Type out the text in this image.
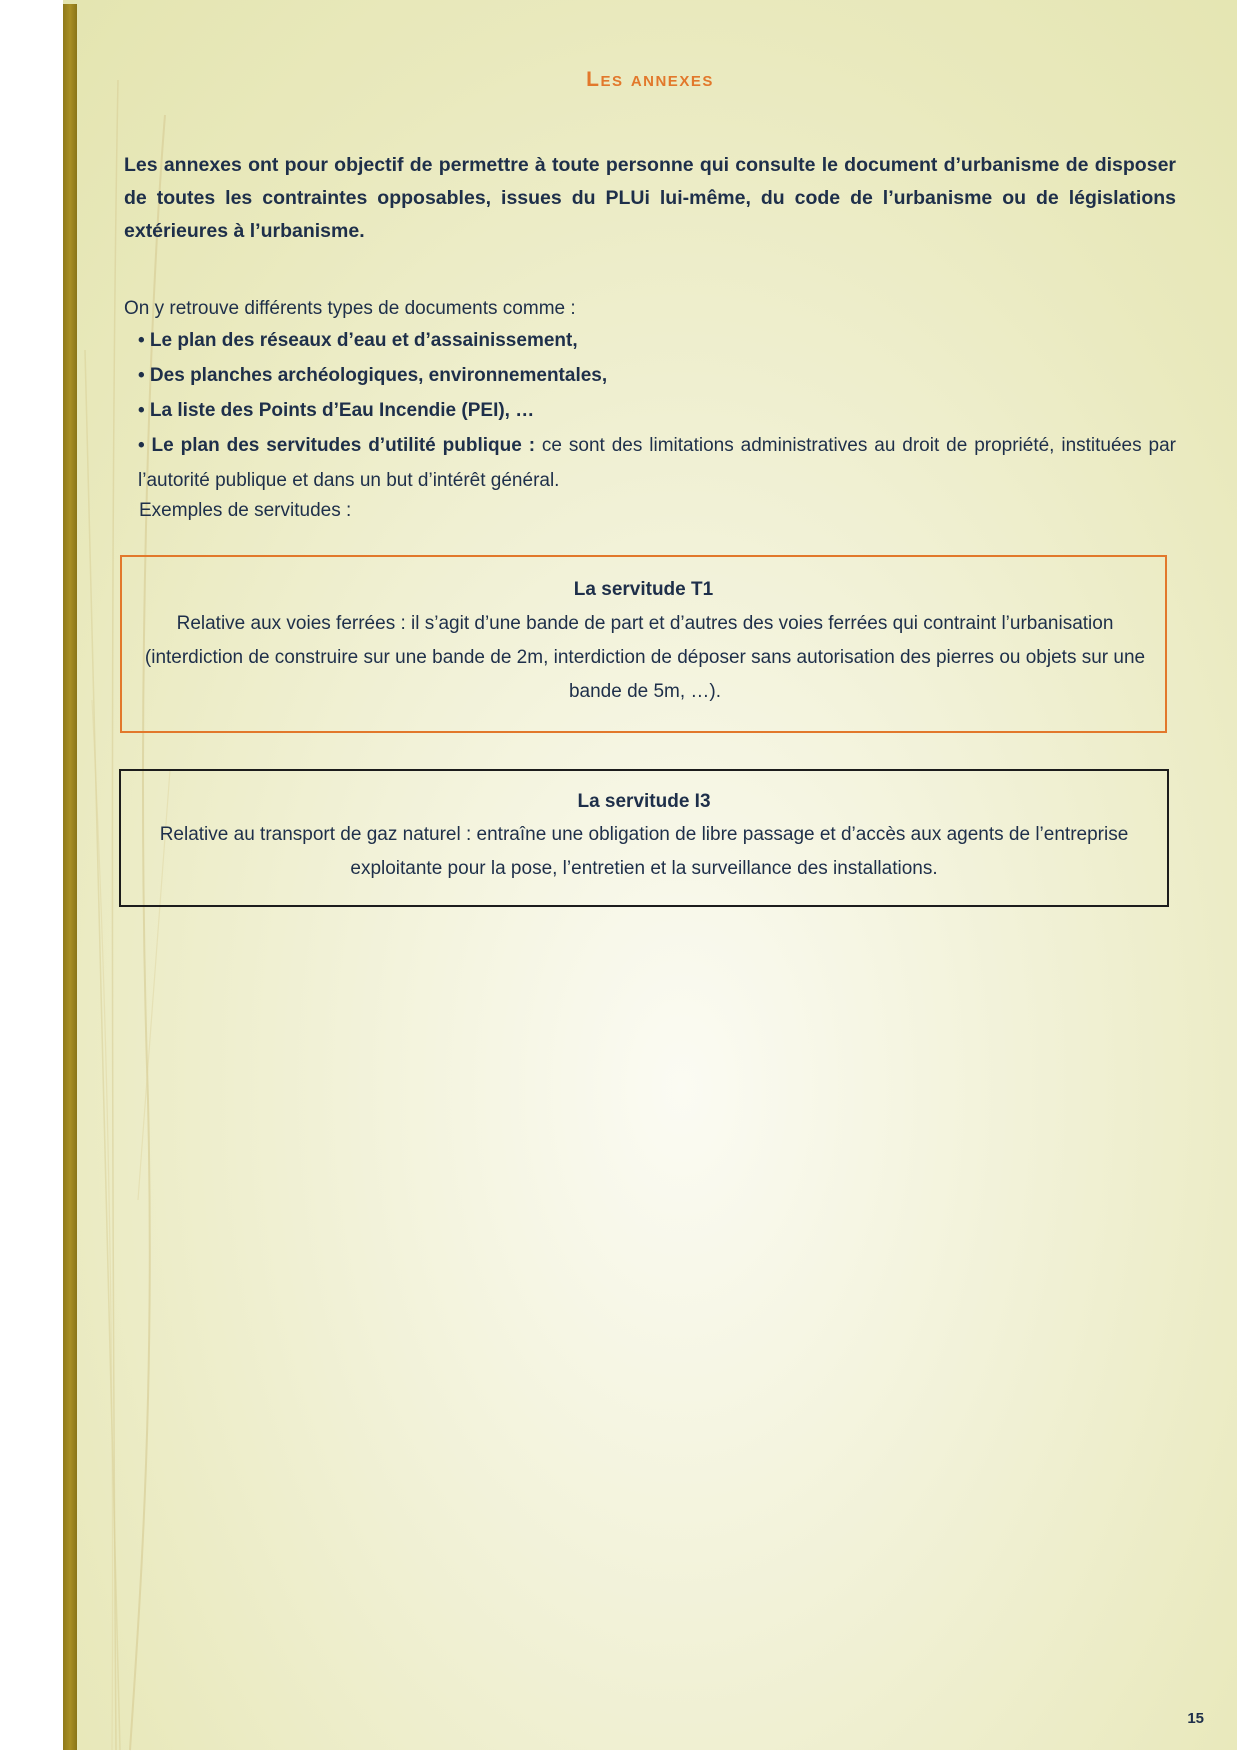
Les annexes
Les annexes ont pour objectif de permettre à toute personne qui consulte le document d’urbanisme de disposer de toutes les contraintes opposables, issues du PLUi lui-même, du code de l’urbanisme ou de législations extérieures à l’urbanisme.
On y retrouve différents types de documents comme :
• Le plan des réseaux d’eau et d’assainissement,
• Des planches archéologiques, environnementales,
• La liste des Points d’Eau Incendie (PEI), …
• Le plan des servitudes d’utilité publique : ce sont des limitations administratives au droit de propriété, instituées par l’autorité publique et dans un but d’intérêt général.
Exemples de servitudes :
La servitude T1
Relative aux voies ferrées : il s’agit d’une bande de part et d’autres des voies ferrées qui contraint l’urbanisation (interdiction de construire sur une bande de 2m, interdiction de déposer sans autorisation des pierres ou objets sur une bande de 5m, …).
La servitude I3
Relative au transport de gaz naturel : entraîne une obligation de libre passage et d’accès aux agents de l’entreprise exploitante pour la pose, l’entretien et la surveillance des installations.
15
